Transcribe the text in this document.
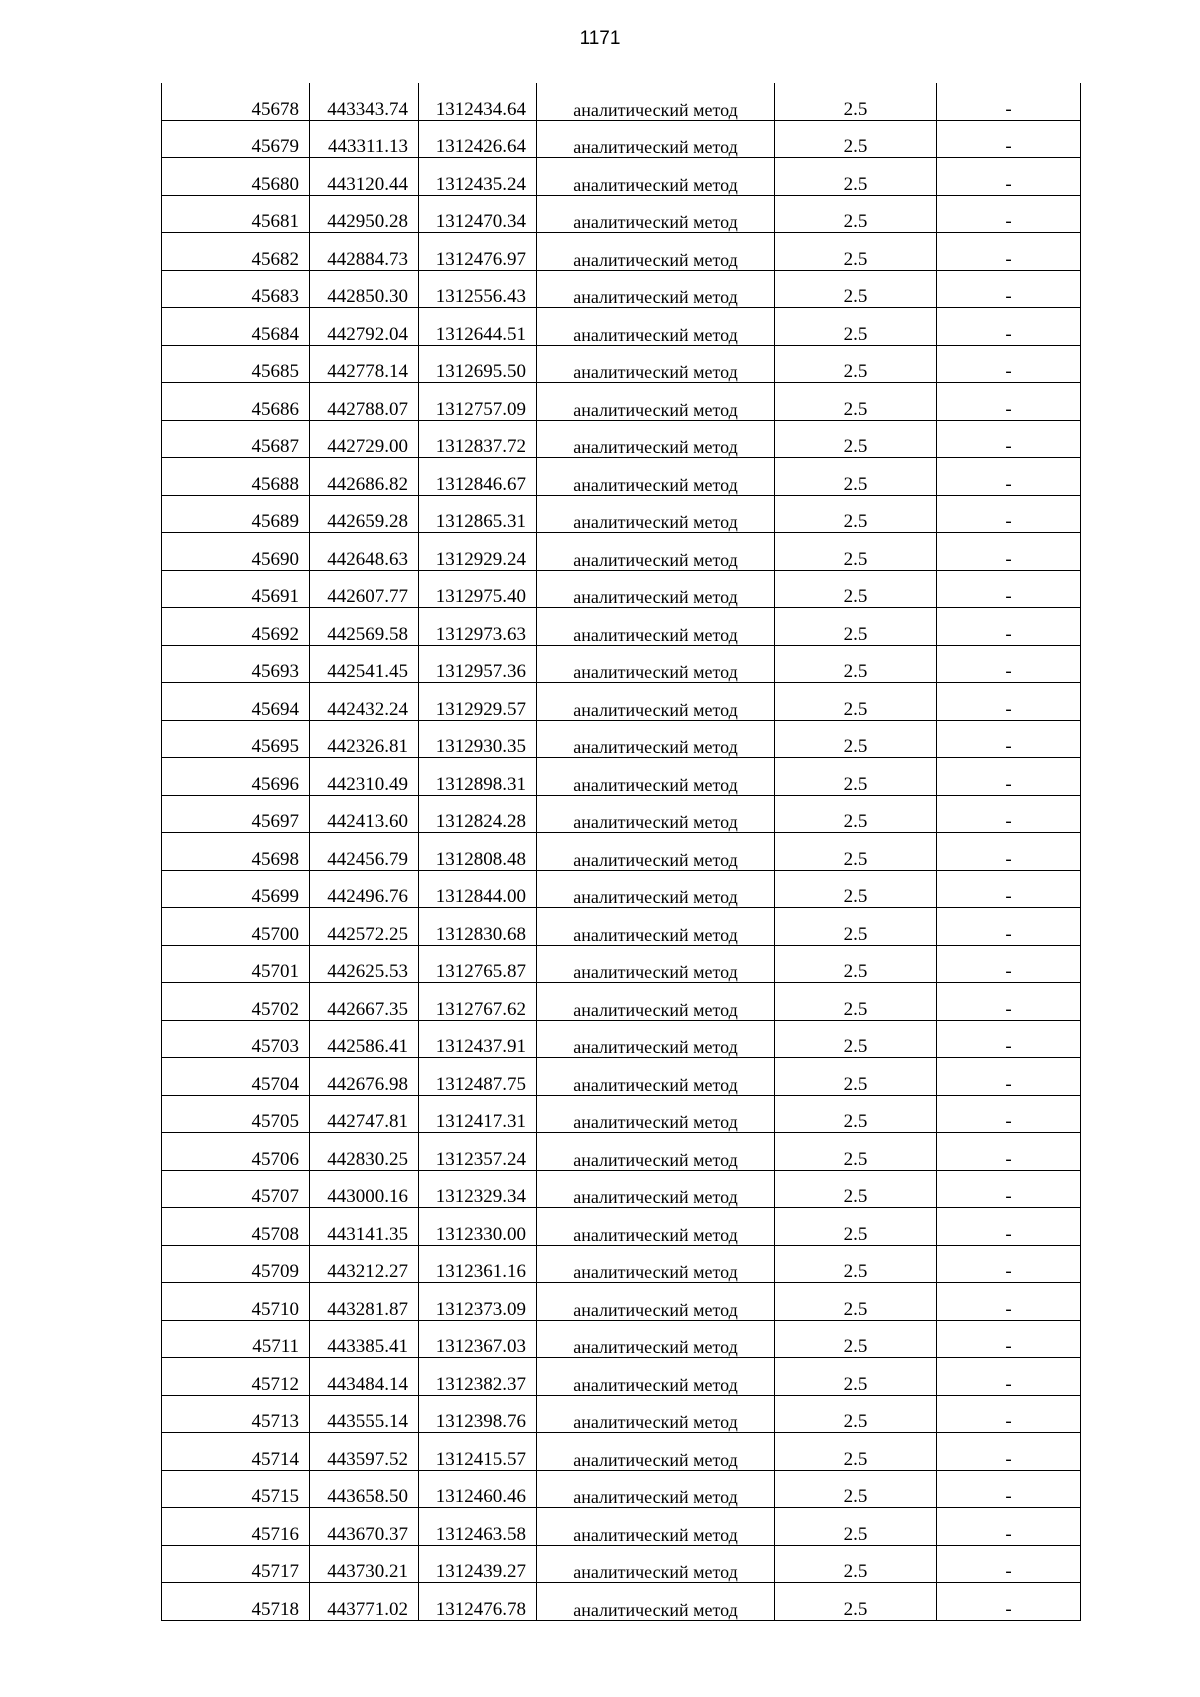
1171
45678	443343.74	1312434.64	аналитический метод	2.5	-

45679	443311.13	1312426.64	аналитический метод	2.5	-

45680	443120.44	1312435.24	аналитический метод	2.5	-

45681	442950.28	1312470.34	аналитический метод	2.5	-

45682	442884.73	1312476.97	аналитический метод	2.5	-

45683	442850.30	1312556.43	аналитический метод	2.5	-

45684	442792.04	1312644.51	аналитический метод	2.5	-

45685	442778.14	1312695.50	аналитический метод	2.5	-

45686	442788.07	1312757.09	аналитический метод	2.5	-

45687	442729.00	1312837.72	аналитический метод	2.5	-

45688	442686.82	1312846.67	аналитический метод	2.5	-

45689	442659.28	1312865.31	аналитический метод	2.5	-

45690	442648.63	1312929.24	аналитический метод	2.5	-

45691	442607.77	1312975.40	аналитический метод	2.5	-

45692	442569.58	1312973.63	аналитический метод	2.5	-

45693	442541.45	1312957.36	аналитический метод	2.5	-

45694	442432.24	1312929.57	аналитический метод	2.5	-

45695	442326.81	1312930.35	аналитический метод	2.5	-

45696	442310.49	1312898.31	аналитический метод	2.5	-

45697	442413.60	1312824.28	аналитический метод	2.5	-

45698	442456.79	1312808.48	аналитический метод	2.5	-

45699	442496.76	1312844.00	аналитический метод	2.5	-

45700	442572.25	1312830.68	аналитический метод	2.5	-

45701	442625.53	1312765.87	аналитический метод	2.5	-

45702	442667.35	1312767.62	аналитический метод	2.5	-

45703	442586.41	1312437.91	аналитический метод	2.5	-

45704	442676.98	1312487.75	аналитический метод	2.5	-

45705	442747.81	1312417.31	аналитический метод	2.5	-

45706	442830.25	1312357.24	аналитический метод	2.5	-

45707	443000.16	1312329.34	аналитический метод	2.5	-

45708	443141.35	1312330.00	аналитический метод	2.5	-

45709	443212.27	1312361.16	аналитический метод	2.5	-

45710	443281.87	1312373.09	аналитический метод	2.5	-

45711	443385.41	1312367.03	аналитический метод	2.5	-

45712	443484.14	1312382.37	аналитический метод	2.5	-

45713	443555.14	1312398.76	аналитический метод	2.5	-

45714	443597.52	1312415.57	аналитический метод	2.5	-

45715	443658.50	1312460.46	аналитический метод	2.5	-

45716	443670.37	1312463.58	аналитический метод	2.5	-

45717	443730.21	1312439.27	аналитический метод	2.5	-

45718	443771.02	1312476.78	аналитический метод	2.5	-
